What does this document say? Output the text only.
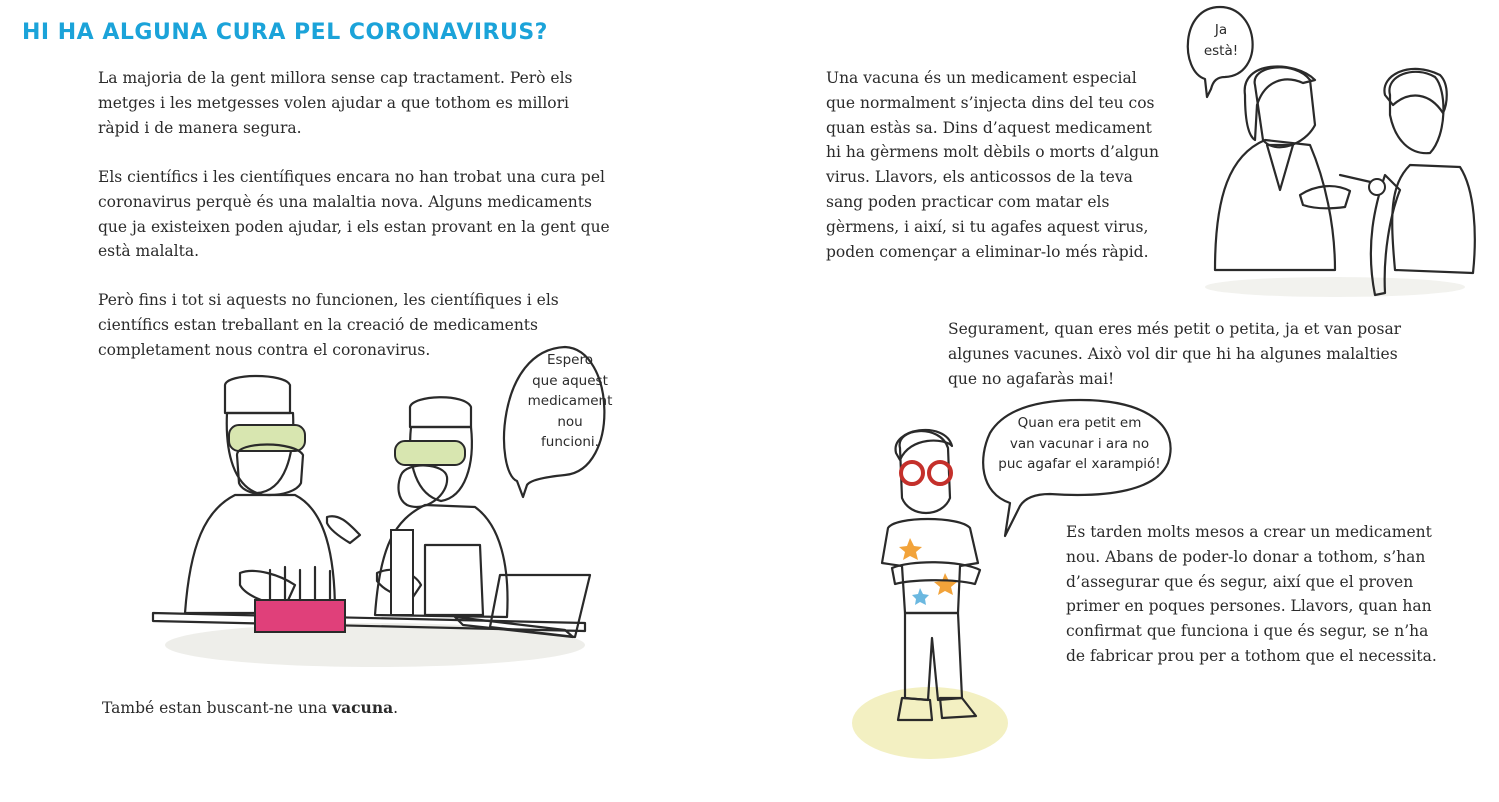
HI HA ALGUNA CURA PEL CORONAVIRUS?

La majoria de la gent millora sense cap tractament. Però els
metges i les metgesses volen ajudar a que tothom es millori
ràpid i de manera segura.

Els científics i les científiques encara no han trobat una cura pel
coronavirus perquè és una malaltia nova. Alguns medicaments
que ja existeixen poden ajudar, i els estan provant en la gent que
està malalta.

Però fins i tot si aquests no funcionen, les científiques i els
científics estan treballant en la creació de medicaments
completament nous contra el coronavirus.

També estan buscant-ne una vacuna.

Una vacuna és un medicament especial
que normalment s’injecta dins del teu cos
quan estàs sa. Dins d’aquest medicament
hi ha gèrmens molt dèbils o morts d’algun
virus. Llavors, els anticossos de la teva
sang poden practicar com matar els
gèrmens, i així, si tu agafes aquest virus,
poden començar a eliminar-lo més ràpid.

Segurament, quan eres més petit o petita, ja et van posar
algunes vacunes. Això vol dir que hi ha algunes malalties
que no agafaràs mai!

Es tarden molts mesos a crear un medicament
nou. Abans de poder-lo donar a tothom, s’han
d’assegurar que és segur, així que el proven
primer en poques persones. Llavors, quan han
confirmat que funciona i que és segur, se n’ha
de fabricar prou per a tothom que el necessita.

Espero
que aquest
medicament
nou
funcioni.
Ja
està!
Quan era petit em
van vacunar i ara no
puc agafar el xarampió!
